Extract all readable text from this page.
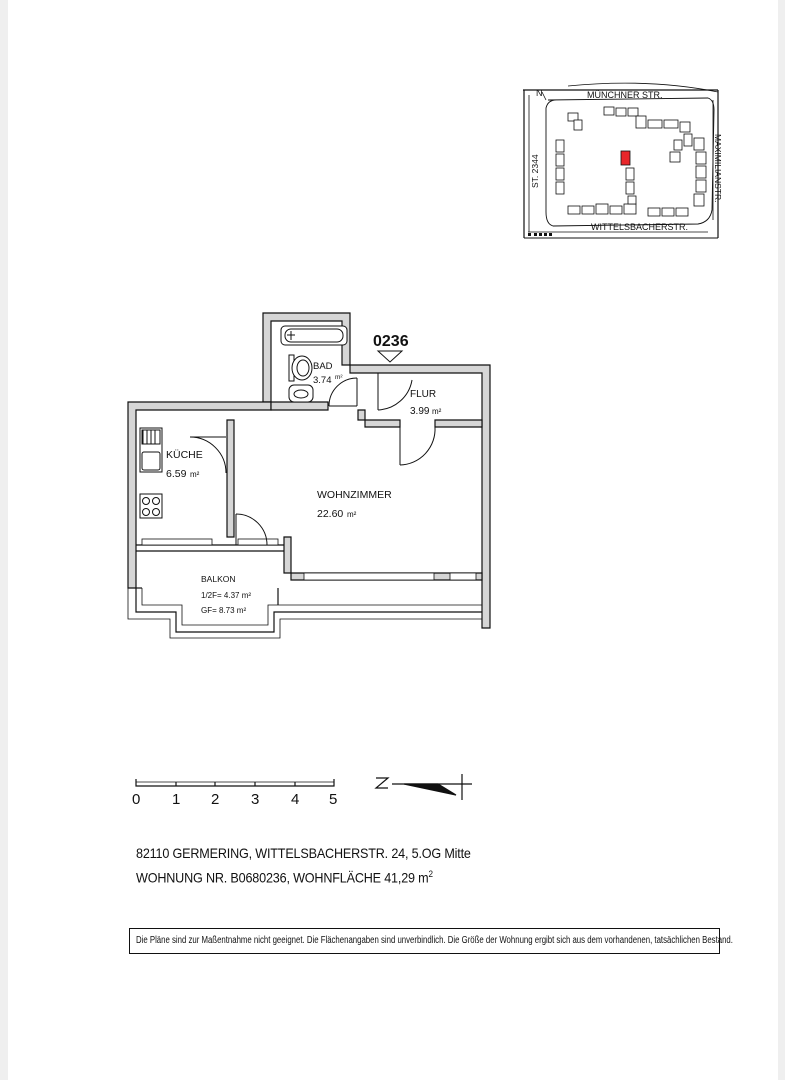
MÜNCHNER STR.
WITTELSBACHERSTR.
MAXIMILIANSTR.
ST. 2344
N
0236
BAD
3.74 m²
FLUR
3.99 m²
KÜCHE
6.59 m²
WOHNZIMMER
22.60 m²
BALKON
1/2F= 4.37 m²
GF= 8.73 m²
0 1 2 3 4 5
82110 GERMERING, WITTELSBACHERSTR. 24, 5.OG Mitte
WOHNUNG NR. B0680236, WOHNFLÄCHE 41,29 $m^2$
Die Pläne sind zur Maßentnahme nicht geeignet. Die Flächenangaben sind unverbindlich. Die Größe der Wohnung ergibt sich aus dem vorhandenen, tatsächlichen Bestand.
